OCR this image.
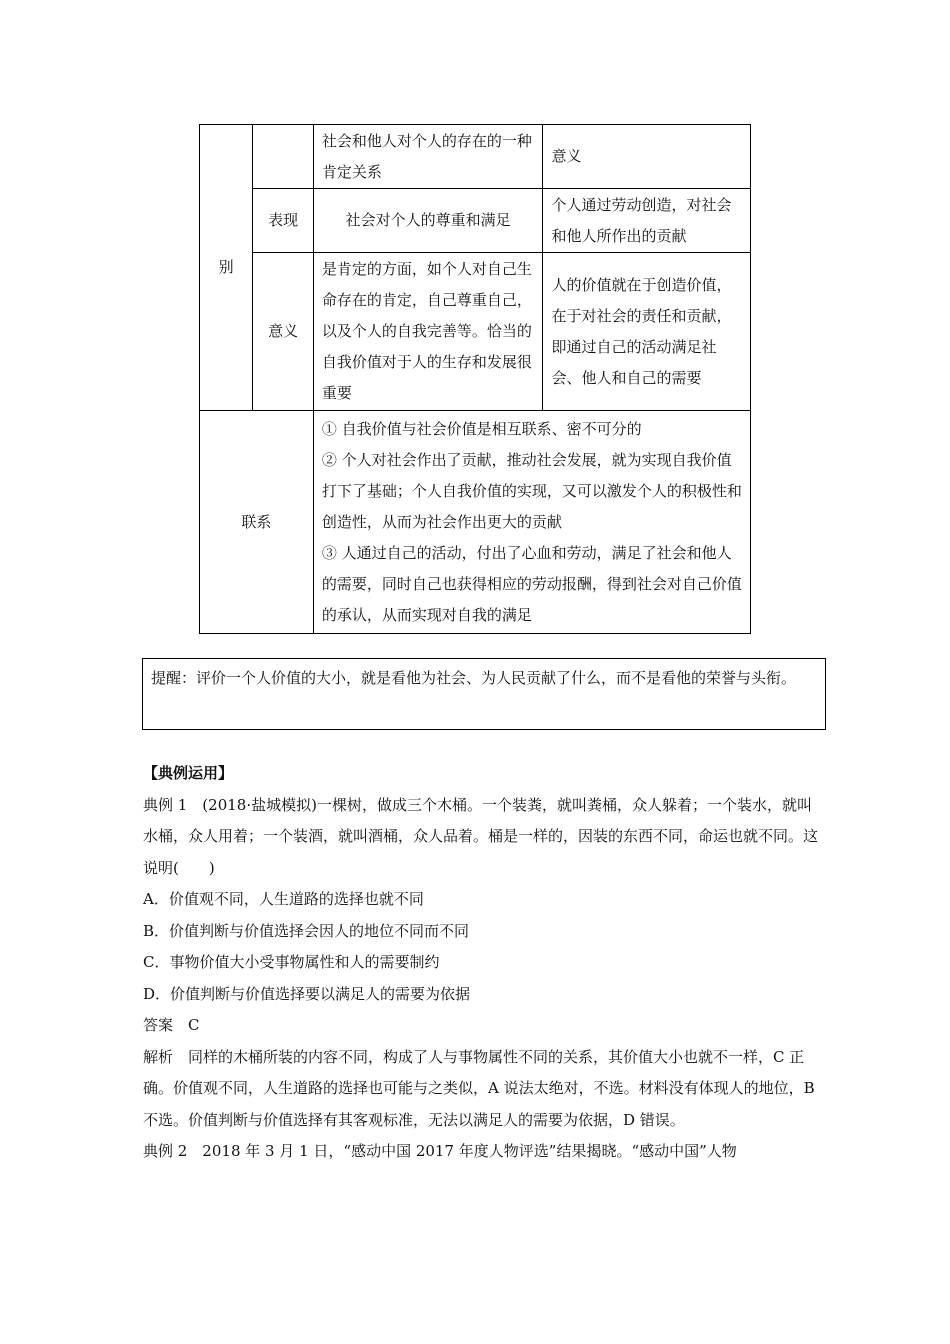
别		社会和他人对个人的存在的一种肯定关系	意义
	表现	社会对个人的尊重和满足	个人通过劳动创造，对社会和他人所作出的贡献
	意义	是肯定的方面，如个人对自己生命存在的肯定，自己尊重自己，以及个人的自我完善等。恰当的自我价值对于人的生存和发展很重要	人的价值就在于创造价值，在于对社会的责任和贡献，即通过自己的活动满足社会、他人和自己的需要
联系		① 自我价值与社会价值是相互联系、密不可分的
② 个人对社会作出了贡献，推动社会发展，就为实现自我价值打下了基础；个人自我价值的实现，又可以激发个人的积极性和创造性，从而为社会作出更大的贡献
③ 人通过自己的活动，付出了心血和劳动，满足了社会和他人的需要，同时自己也获得相应的劳动报酬，得到社会对自己价值的承认，从而实现对自我的满足	
提醒：评价一个人价值的大小，就是看他为社会、为人民贡献了什么，而不是看他的荣誉与头衔。

【典例运用】

典例 1　(2018·盐城模拟)一棵树，做成三个木桶。一个装粪，就叫粪桶，众人躲着；一个装水，就叫水桶，众人用着；一个装酒，就叫酒桶，众人品着。桶是一样的，因装的东西不同，命运也就不同。这说明(　　)

A．价值观不同，人生道路的选择也就不同

B．价值判断与价值选择会因人的地位不同而不同

C．事物价值大小受事物属性和人的需要制约

D．价值判断与价值选择要以满足人的需要为依据

答案　C

解析　同样的木桶所装的内容不同，构成了人与事物属性不同的关系，其价值大小也就不一样，C 正确。价值观不同，人生道路的选择也可能与之类似，A 说法太绝对，不选。材料没有体现人的地位，B 不选。价值判断与价值选择有其客观标准，无法以满足人的需要为依据，D 错误。

典例 2　2018 年 3 月 1 日，“感动中国 2017 年度人物评选”结果揭晓。“感动中国”人物
